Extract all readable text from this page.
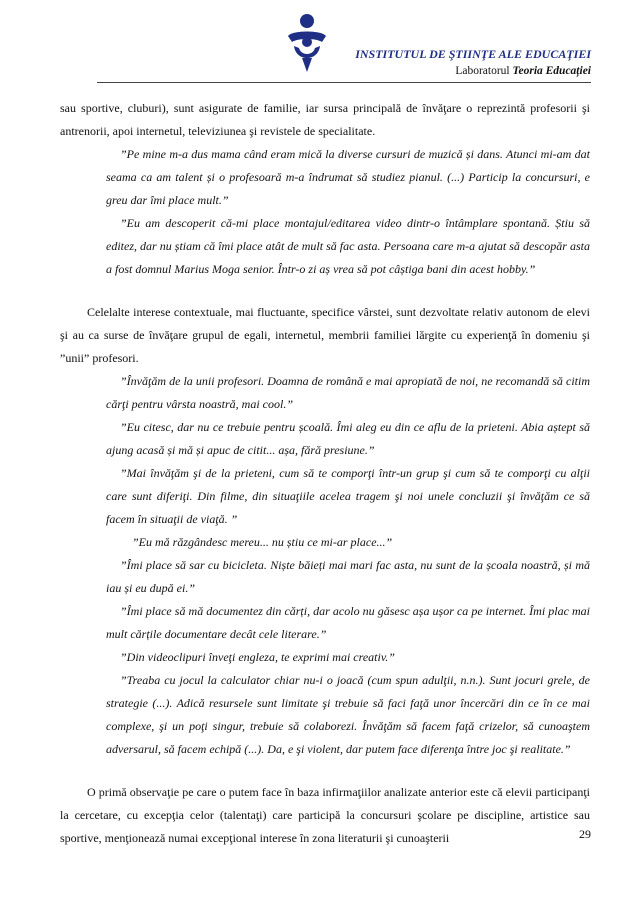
INSTITUTUL DE ŞTIINŢE ALE EDUCAŢIEI
Laboratorul Teoria Educației

sau sportive, cluburi), sunt asigurate de familie, iar sursa principală de învăţare o reprezintă profesorii şi antrenorii, apoi internetul, televiziunea şi revistele de specialitate.

”Pe mine m-a dus mama când eram mică la diverse cursuri de muzică și dans. Atunci mi-am dat seama ca am talent și o profesoară m-a îndrumat să studiez pianul. (...) Particip la concursuri, e greu dar îmi place mult.”

”Eu am descoperit că-mi place montajul/editarea video dintr-o întâmplare spontană. Știu să editez, dar nu știam că îmi place atât de mult să fac asta. Persoana care m-a ajutat să descopăr asta a fost domnul Marius Moga senior. Într-o zi aș vrea să pot câștiga bani din acest hobby.”

Celelalte interese contextuale, mai fluctuante, specifice vârstei, sunt dezvoltate relativ autonom de elevi şi au ca surse de învăţare grupul de egali, internetul, membrii familiei lărgite cu experienţă în domeniu şi ”unii” profesori.

”Învăţăm de la unii profesori. Doamna de română e mai apropiată de noi, ne recomandă să citim cărţi pentru vârsta noastră, mai cool.”

”Eu citesc, dar nu ce trebuie pentru școală. Îmi aleg eu din ce aflu de la prieteni. Abia aștept să ajung acasă și mă și apuc de citit... așa, fără presiune.”

”Mai învăţăm şi de la prieteni, cum să te comporţi într-un grup şi cum să te comporţi cu alţii care sunt diferiţi. Din filme, din situaţiile acelea tragem şi noi unele concluzii şi învăţăm ce să facem în situaţii de viaţă. ”

”Eu mă răzgândesc mereu... nu știu ce mi-ar place...”

”Îmi place să sar cu bicicleta. Niște băieți mai mari fac asta, nu sunt de la școala noastră, și mă iau și eu după ei.”

”Îmi place să mă documentez din cărți, dar acolo nu găsesc așa ușor ca pe internet. Îmi plac mai mult cărțile documentare decât cele literare.”

”Din videoclipuri înveţi engleza, te exprimi mai creativ.”

”Treaba cu jocul la calculator chiar nu-i o joacă (cum spun adulţii, n.n.). Sunt jocuri grele, de strategie (...). Adică resursele sunt limitate şi trebuie să faci faţă unor încercări din ce în ce mai complexe, şi un poţi singur, trebuie să colaborezi. Învăţăm să facem faţă crizelor, să cunoaştem adversarul, să facem echipă (...). Da, e şi violent, dar putem face diferenţa între joc şi realitate.”

O primă observaţie pe care o putem face în baza infirmaţiilor analizate anterior este că elevii participanţi la cercetare, cu excepţia celor (talentaţi) care participă la concursuri şcolare pe discipline, artistice sau sportive, menţionează numai excepţional interese în zona literaturii şi cunoaşterii	29
